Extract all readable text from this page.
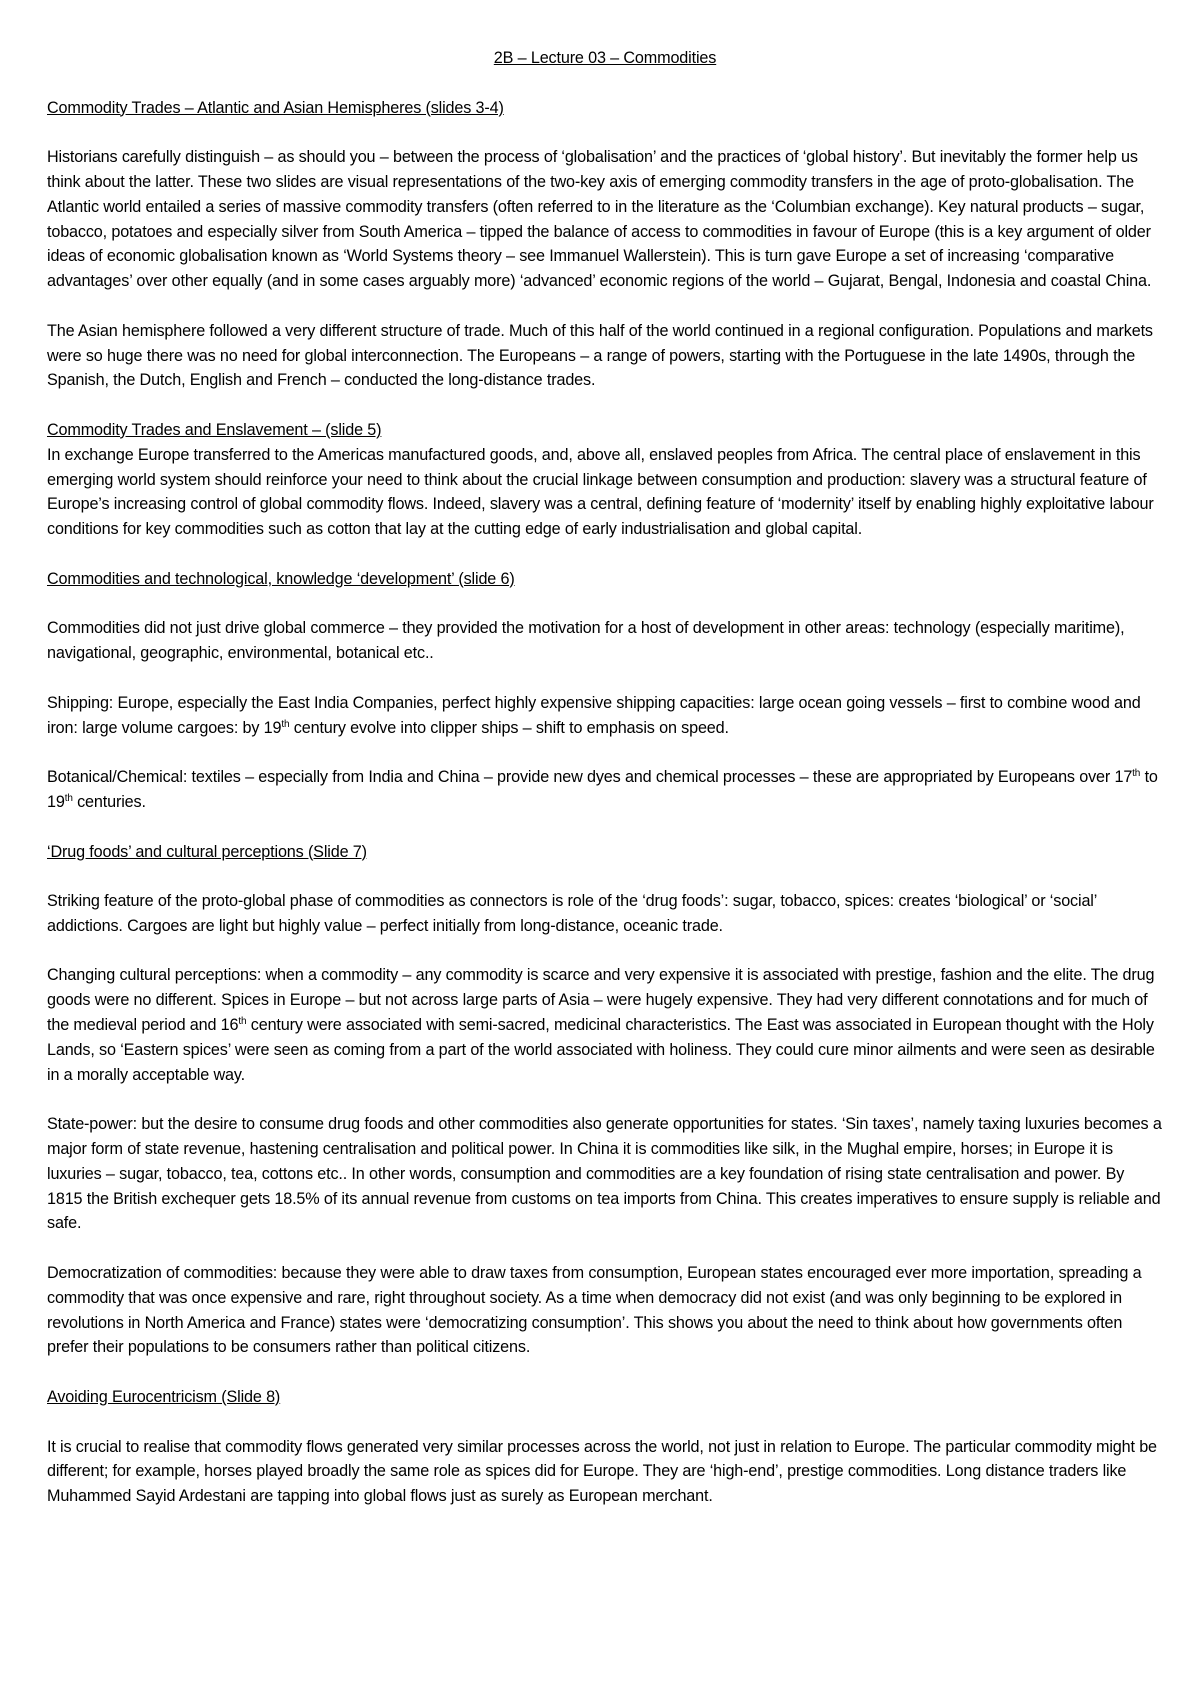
2B – Lecture 03 – Commodities
Commodity Trades – Atlantic and Asian Hemispheres (slides 3-4)

Historians carefully distinguish – as should you – between the process of ‘globalisation’ and the practices of ‘global history’. But inevitably the former help us think about the latter. These two slides are visual representations of the two-key axis of emerging commodity transfers in the age of proto-globalisation. The Atlantic world entailed a series of massive commodity transfers (often referred to in the literature as the ‘Columbian exchange). Key natural products – sugar, tobacco, potatoes and especially silver from South America – tipped the balance of access to commodities in favour of Europe (this is a key argument of older ideas of economic globalisation known as ‘World Systems theory – see Immanuel Wallerstein). This is turn gave Europe a set of increasing ‘comparative advantages’ over other equally (and in some cases arguably more) ‘advanced’ economic regions of the world – Gujarat, Bengal, Indonesia and coastal China.

The Asian hemisphere followed a very different structure of trade. Much of this half of the world continued in a regional configuration. Populations and markets were so huge there was no need for global interconnection. The Europeans – a range of powers, starting with the Portuguese in the late 1490s, through the Spanish, the Dutch, English and French – conducted the long-distance trades.

Commodity Trades and Enslavement – (slide 5)

In exchange Europe transferred to the Americas manufactured goods, and, above all, enslaved peoples from Africa. The central place of enslavement in this emerging world system should reinforce your need to think about the crucial linkage between consumption and production: slavery was a structural feature of Europe’s increasing control of global commodity flows. Indeed, slavery was a central, defining feature of ‘modernity’ itself by enabling highly exploitative labour conditions for key commodities such as cotton that lay at the cutting edge of early industrialisation and global capital.

Commodities and technological, knowledge ‘development’ (slide 6)

Commodities did not just drive global commerce – they provided the motivation for a host of development in other areas: technology (especially maritime), navigational, geographic, environmental, botanical etc..

Shipping: Europe, especially the East India Companies, perfect highly expensive shipping capacities: large ocean going vessels – first to combine wood and iron: large volume cargoes: by 19th century evolve into clipper ships – shift to emphasis on speed.

Botanical/Chemical: textiles – especially from India and China – provide new dyes and chemical processes – these are appropriated by Europeans over 17th to 19th centuries.

‘Drug foods’ and cultural perceptions (Slide 7)

Striking feature of the proto-global phase of commodities as connectors is role of the ‘drug foods’: sugar, tobacco, spices: creates ‘biological’ or ‘social’ addictions. Cargoes are light but highly value – perfect initially from long-distance, oceanic trade.

Changing cultural perceptions: when a commodity – any commodity is scarce and very expensive it is associated with prestige, fashion and the elite. The drug goods were no different. Spices in Europe – but not across large parts of Asia – were hugely expensive. They had very different connotations and for much of the medieval period and 16th century were associated with semi-sacred, medicinal characteristics. The East was associated in European thought with the Holy Lands, so ‘Eastern spices’ were seen as coming from a part of the world associated with holiness. They could cure minor ailments and were seen as desirable in a morally acceptable way.

State-power: but the desire to consume drug foods and other commodities also generate opportunities for states. ‘Sin taxes’, namely taxing luxuries becomes a major form of state revenue, hastening centralisation and political power. In China it is commodities like silk, in the Mughal empire, horses; in Europe it is luxuries – sugar, tobacco, tea, cottons etc.. In other words, consumption and commodities are a key foundation of rising state centralisation and power. By 1815 the British exchequer gets 18.5% of its annual revenue from customs on tea imports from China. This creates imperatives to ensure supply is reliable and safe.

Democratization of commodities: because they were able to draw taxes from consumption, European states encouraged ever more importation, spreading a commodity that was once expensive and rare, right throughout society. As a time when democracy did not exist (and was only beginning to be explored in revolutions in North America and France) states were ‘democratizing consumption’. This shows you about the need to think about how governments often prefer their populations to be consumers rather than political citizens.

Avoiding Eurocentricism (Slide 8)

It is crucial to realise that commodity flows generated very similar processes across the world, not just in relation to Europe. The particular commodity might be different; for example, horses played broadly the same role as spices did for Europe. They are ‘high-end’, prestige commodities. Long distance traders like Muhammed Sayid Ardestani are tapping into global flows just as surely as European merchant.
